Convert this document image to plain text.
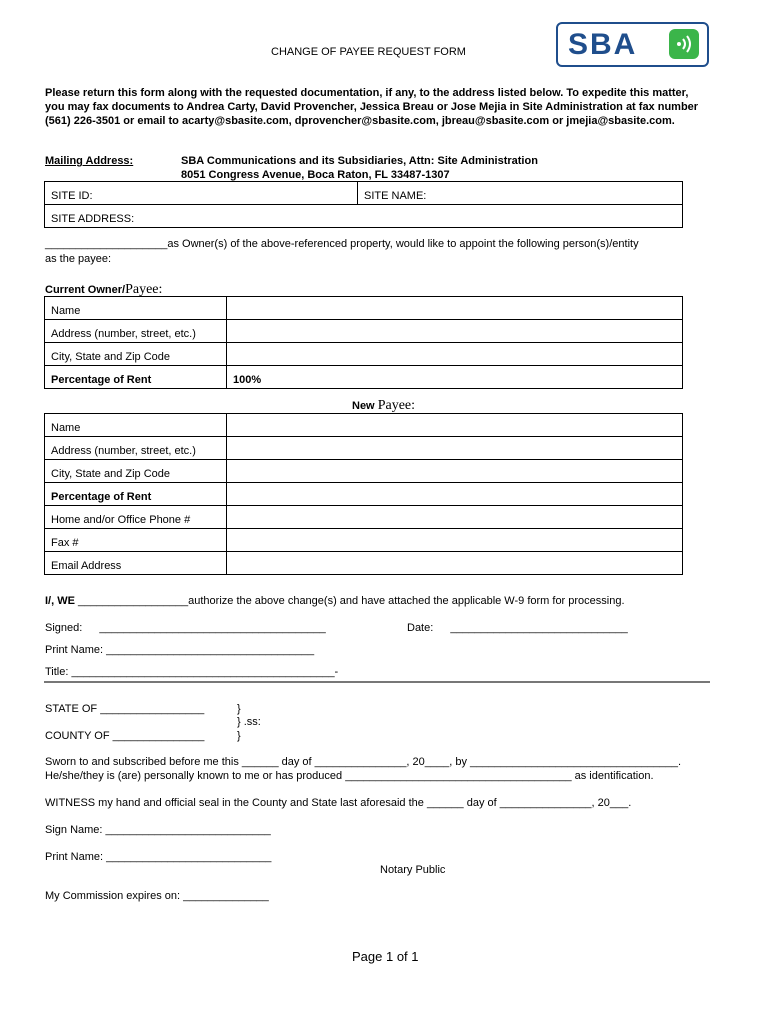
CHANGE OF PAYEE REQUEST FORM	SBA
Please return this form along with the requested documentation, if any, to the address listed below. To expedite this matter,
you may fax documents to Andrea Carty, David Provencher, Jessica Breau or Jose Mejia in Site Administration at fax number
(561) 226-3501 or email to acarty@sbasite.com, dprovencher@sbasite.com, jbreau@sbasite.com or jmejia@sbasite.com.
Mailing Address:	SBA Communications and its Subsidiaries, Attn: Site Administration
8051 Congress Avenue, Boca Raton, FL 33487-1307
SITE ID:	SITE NAME:
SITE ADDRESS:
____________________as Owner(s) of the above-referenced property, would like to appoint the following person(s)/entity
as the payee:
Current Owner/Payee:
Name	
Address (number, street, etc.)	
City, State and Zip Code	
Percentage of Rent	100%
New Payee:
Name	
Address (number, street, etc.)	
City, State and Zip Code	
Percentage of Rent	
Home and/or Office Phone #	
Fax #	
Email Address	
I/, WE __________________authorize the above change(s) and have attached the applicable W-9 form for processing.
Signed: _____________________________________	Date: _____________________________
Print Name: __________________________________
Title: ___________________________________________-
STATE OF _________________
COUNTY OF _______________
}
} .ss:
}
Sworn to and subscribed before me this ______ day of _______________, 20____, by __________________________________.
He/she/they is (are) personally known to me or has produced _____________________________________ as identification.
WITNESS my hand and official seal in the County and State last aforesaid the ______ day of _______________, 20___.
Sign Name: ___________________________
Print Name: ___________________________
Notary Public
My Commission expires on: ______________
Page 1 of 1
